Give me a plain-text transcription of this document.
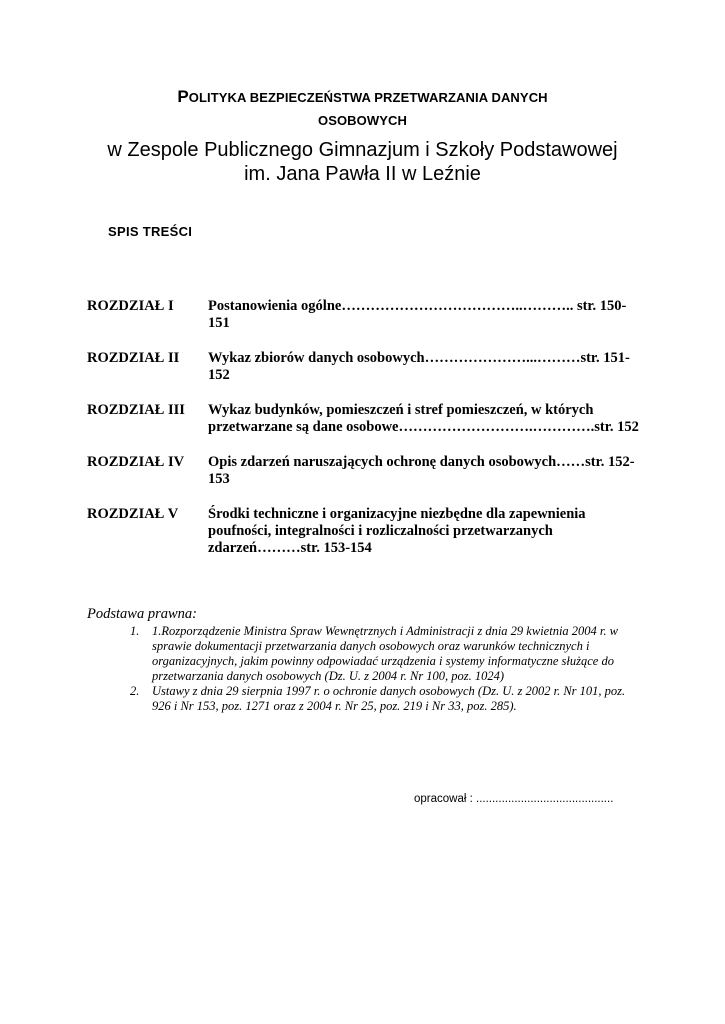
POLITYKA BEZPIECZEŃSTWA PRZETWARZANIA DANYCH
OSOBOWYCH
w Zespole Publicznego Gimnazjum i Szkoły Podstawowej
im. Jana Pawła II w Leźnie
SPIS TREŚCI
ROZDZIAŁ I	Postanowienia ogólne………………………………..……….. str. 150-151
ROZDZIAŁ II	Wykaz zbiorów danych osobowych…………………...………str. 151-152
ROZDZIAŁ III	Wykaz budynków, pomieszczeń i stref pomieszczeń, w których przetwarzane są dane osobowe……………………….………….str. 152
ROZDZIAŁ IV	Opis zdarzeń naruszających ochronę danych osobowych……str. 152-153
ROZDZIAŁ V	Środki techniczne i organizacyjne niezbędne dla zapewnienia poufności, integralności i rozliczalności przetwarzanych zdarzeń………str. 153-154
Podstawa prawna:
1.	1.Rozporządzenie Ministra Spraw Wewnętrznych i Administracji z dnia 29 kwietnia 2004 r. w sprawie dokumentacji przetwarzania danych osobowych oraz warunków technicznych i organizacyjnych, jakim powinny odpowiadać urządzenia i systemy informatyczne służące do przetwarzania danych osobowych (Dz. U. z 2004 r. Nr 100, poz. 1024)
2.	Ustawy z dnia 29 sierpnia 1997 r. o ochronie danych osobowych (Dz. U. z 2002 r. Nr 101, poz. 926 i Nr 153, poz. 1271 oraz z 2004 r. Nr 25, poz. 219 i Nr 33, poz. 285).
opracował : ...........................................
